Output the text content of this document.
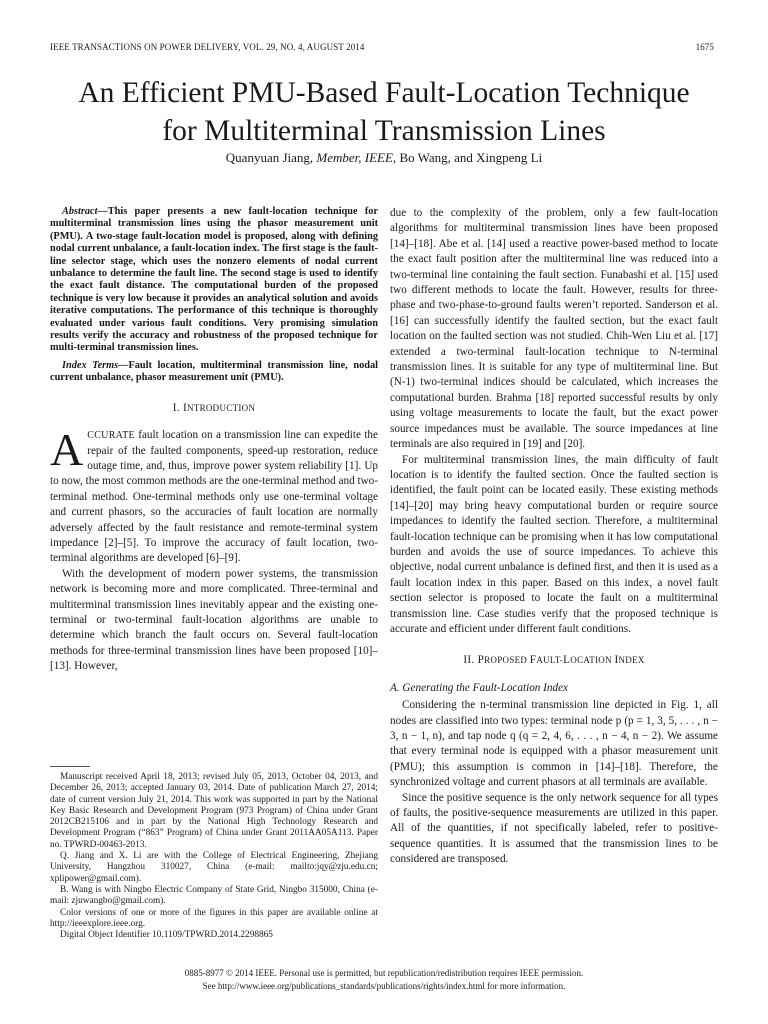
IEEE TRANSACTIONS ON POWER DELIVERY, VOL. 29, NO. 4, AUGUST 2014	1675
An Efficient PMU-Based Fault-Location Technique
for Multiterminal Transmission Lines
Quanyuan Jiang, Member, IEEE, Bo Wang, and Xingpeng Li

Abstract—This paper presents a new fault-location technique for multiterminal transmission lines using the phasor measurement unit (PMU). A two-stage fault-location model is proposed, along with defining nodal current unbalance, a fault-location index. The first stage is the fault-line selector stage, which uses the nonzero elements of nodal current unbalance to determine the fault line. The second stage is used to identify the exact fault distance. The computational burden of the proposed technique is very low because it provides an analytical solution and avoids iterative computations. The performance of this technique is thoroughly evaluated under various fault conditions. Very promising simulation results verify the accuracy and robustness of the proposed technique for multi-terminal transmission lines.

Index Terms—Fault location, multiterminal transmission line, nodal current unbalance, phasor measurement unit (PMU).

I. INTRODUCTION

ACCURATE fault location on a transmission line can expedite the repair of the faulted components, speed-up restoration, reduce outage time, and, thus, improve power system reliability [1]. Up to now, the most common methods are the one-terminal method and two-terminal method. One-terminal methods only use one-terminal voltage and current phasors, so the accuracies of fault location are normally adversely affected by the fault resistance and remote-terminal system impedance [2]–[5]. To improve the accuracy of fault location, two-terminal algorithms are developed [6]–[9].

With the development of modern power systems, the transmission network is becoming more and more complicated. Three-terminal and multiterminal transmission lines inevitably appear and the existing one-terminal or two-terminal fault-location algorithms are unable to determine which branch the fault occurs on. Several fault-location methods for three-terminal transmission lines have been proposed [10]–[13]. However,

due to the complexity of the problem, only a few fault-location algorithms for multiterminal transmission lines have been proposed [14]–[18]. Abe et al. [14] used a reactive power-based method to locate the exact fault position after the multiterminal line was reduced into a two-terminal line containing the fault section. Funabashi et al. [15] used two different methods to locate the fault. However, results for three-phase and two-phase-to-ground faults weren’t reported. Sanderson et al. [16] can successfully identify the faulted section, but the exact fault location on the faulted section was not studied. Chih-Wen Liu et al. [17] extended a two-terminal fault-location technique to N-terminal transmission lines. It is suitable for any type of multiterminal line. But (N-1) two-terminal indices should be calculated, which increases the computational burden. Brahma [18] reported successful results by only using voltage measurements to locate the fault, but the exact power source impedances must be available. The source impedances at line terminals are also required in [19] and [20].

For multiterminal transmission lines, the main difficulty of fault location is to identify the faulted section. Once the faulted section is identified, the fault point can be located easily. These existing methods [14]–[20] may bring heavy computational burden or require source impedances to identify the faulted section. Therefore, a multiterminal fault-location technique can be promising when it has low computational burden and avoids the use of source impedances. To achieve this objective, nodal current unbalance is defined first, and then it is used as a fault location index in this paper. Based on this index, a novel fault section selector is proposed to locate the fault on a multiterminal transmission line. Case studies verify that the proposed technique is accurate and efficient under different fault conditions.

II. PROPOSED FAULT-LOCATION INDEX

A. Generating the Fault-Location Index

Considering the n-terminal transmission line depicted in Fig. 1, all nodes are classified into two types: terminal node p (p = 1, 3, 5, . . . , n − 3, n − 1, n), and tap node q (q = 2, 4, 6, . . . , n − 4, n − 2). We assume that every terminal node is equipped with a phasor measurement unit (PMU); this assumption is common in [14]–[18]. Therefore, the synchronized voltage and current phasors at all terminals are available.

Since the positive sequence is the only network sequence for all types of faults, the positive-sequence measurements are utilized in this paper. All of the quantities, if not specifically labeled, refer to positive-sequence quantities. It is assumed that the transmission lines to be considered are transposed.

Manuscript received April 18, 2013; revised July 05, 2013, October 04, 2013, and December 26, 2013; accepted January 03, 2014. Date of publication March 27, 2014; date of current version July 21, 2014. This work was supported in part by the National Key Basic Research and Development Program (973 Program) of China under Grant 2012CB215106 and in part by the National High Technology Research and Development Program (“863” Program) of China under Grant 2011AA05A113. Paper no. TPWRD-00463-2013.

Q. Jiang and X. Li are with the College of Electrical Engineering, Zhejiang University, Hangzhou 310027, China (e-mail: mailto:jqy@zju.edu.cn; xplipower@gmail.com).

B. Wang is with Ningbo Electric Company of State Grid, Ningbo 315000, China (e-mail: zjuwangbo@gmail.com).

Color versions of one or more of the figures in this paper are available online at http://ieeexplore.ieee.org.

Digital Object Identifier 10.1109/TPWRD.2014.2298865

0885-8977 © 2014 IEEE. Personal use is permitted, but republication/redistribution requires IEEE permission.
See http://www.ieee.org/publications_standards/publications/rights/index.html for more information.
